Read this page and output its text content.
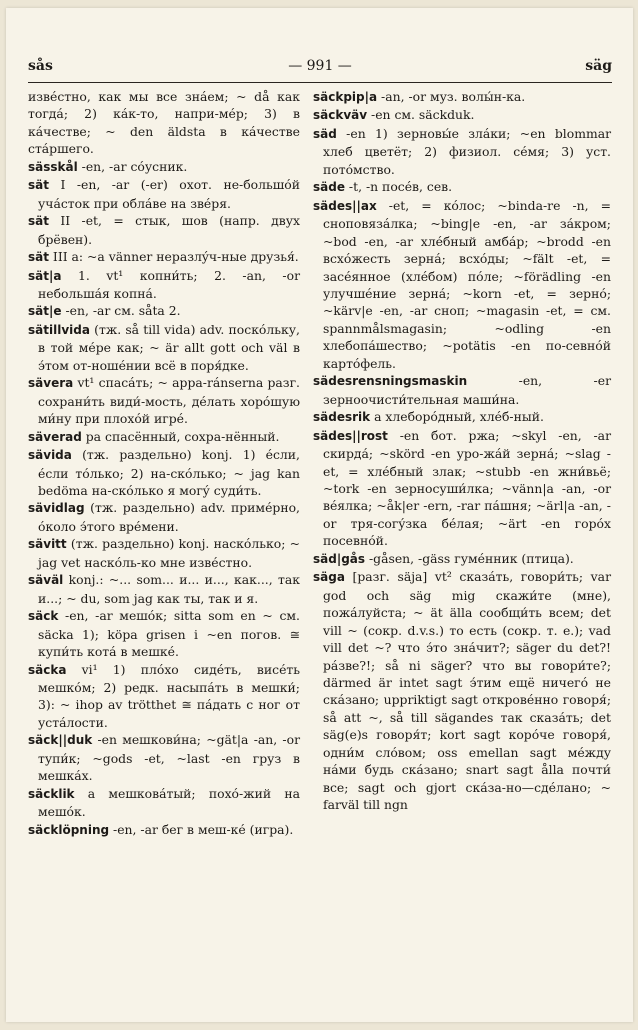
sås	— 991 —	säg

извéстно, как мы все знáем; ~ då как тогдá; 2) кáк-то, напри-мéр; 3) в кáчестве; ~ den äldsta в кáчестве стáршего.

sässkål -en, -ar сóусник.

sät I -en, -ar (-er) охот. не-большóй учáсток при облáве на звéря.

sät II -et, = стык, шов (напр. двух брёвен).

sät III a: ~a vänner неразлýч-ные друзья́.

sät|a 1. vt¹ копни́ть; 2. -an, -or небольшáя копнá.

sät|e -en, -ar см. såta 2.

sätillvida (тж. så till vida) adv. поскóльку, в той мéре как; ~ är allt gott och väl в э́том от-ношéнии всё в поря́дке.

sävera vt¹ спасáть; ~ appa-ránserna разг. сохрани́ть види́-мость, дéлать хорóшую ми́ну при плохóй игрé.

säverad pa спасённый, сохра-нённый.

sävida (тж. раздельно) konj. 1) éсли, éсли тóлько; 2) на-скóлько; ~ jag kan bedöma на-скóлько я могý суди́ть.

sävidlag (тж. раздельно) adv. примéрно, óколо э́того врéмени.

sävitt (тж. раздельно) konj. наскóлько; ~ jag vet наскóль-ко мне извéстно.

säväl konj.: ~... som... и... и..., как..., так и...; ~ du, som jag как ты, так и я.

säck -en, -ar мешóк; sitta som en ~ см. säcka 1); köpa grisen i ~en погов. ≅ купи́ть котá в мешкé.

säcka vi¹ 1) плóхо сидéть, висéть мешкóм; 2) редк. насыпáть в мешки́; 3): ~ ihop av trötthet ≅ пáдать с ног от устáлости.

säck||duk -en мешкови́на; ~gät|a -an, -or тупи́к; ~gods -et, ~last -en груз в мешкáх.

säcklik a мешковáтый; похó-жий на мешóк.

säcklöpning -en, -ar бег в меш-кé (игра).

säckpip|a -an, -or муз. волы́н-ка.

säckväv -en см. säckduk.

säd -en 1) зерновы́е злáки; ~en blommar хлеб цветёт; 2) физиол. сéмя; 3) уст. потóмство.

säde -t, -n посéв, сев.

sädes||ax -et, = кóлос; ~binda-re -n, = сноповязáлка; ~bing|e -en, -ar зáкром; ~bod -en, -ar хлéбный амбáр; ~brodd -en всхóжесть зернá; всхóды; ~fält -et, = засéянное (хлéбом) пóле; ~förädling -en улучшéние зернá; ~korn -et, = зернó; ~kärv|e -en, -ar сноп; ~magasin -et, = см. spannmålsmagasin; ~odling -en хлебопáшество; ~potätis -en по-севнóй картóфель.

sädesrensningsmaskin -en, -er зерноочисти́тельная маши́на.

sädesrik a хлеборóдный, хлéб-ный.

sädes||rost -en бот. ржа; ~skyl -en, -ar скирдá; ~skörd -en уро-жáй зернá; ~slag -et, = хлéбный злак; ~stubb -en жни́вьё; ~tork -en зерносуши́лка; ~vänn|a -an, -or вéялка; ~åk|er -ern, -rar пáшня; ~ärl|a -an, -or тря-сoгýзка бéлая; ~ärt -en горóх посевнóй.

säd|gås -gåsen, -gäss гумéнник (птица).

säga [разг. säja] vt² сказáть, говори́ть; var god och säg mig скажи́те (мне), пожáлуйста; ~ ät älla сообщи́ть всем; det vill ~ (сокр. d.v.s.) то есть (сокр. т. е.); vad vill det ~? что э́то знáчит?; säger du det?! рáзве?!; så ni säger? что вы говори́те?; därmed är intet sagt э́тим ещё ничегó не скáзано; uppriktigt sagt откровéнно говоря́; så att ~, så till sägandes так сказáть; det säg(e)s говоря́т; kort sagt корóче говоря́, одни́м слóвом; oss emellan sagt мéжду нáми будь скáзано; snart sagt ålla почти́ все; sagt och gjort скáза-но—сдéлано; ~ farväl till ngn
